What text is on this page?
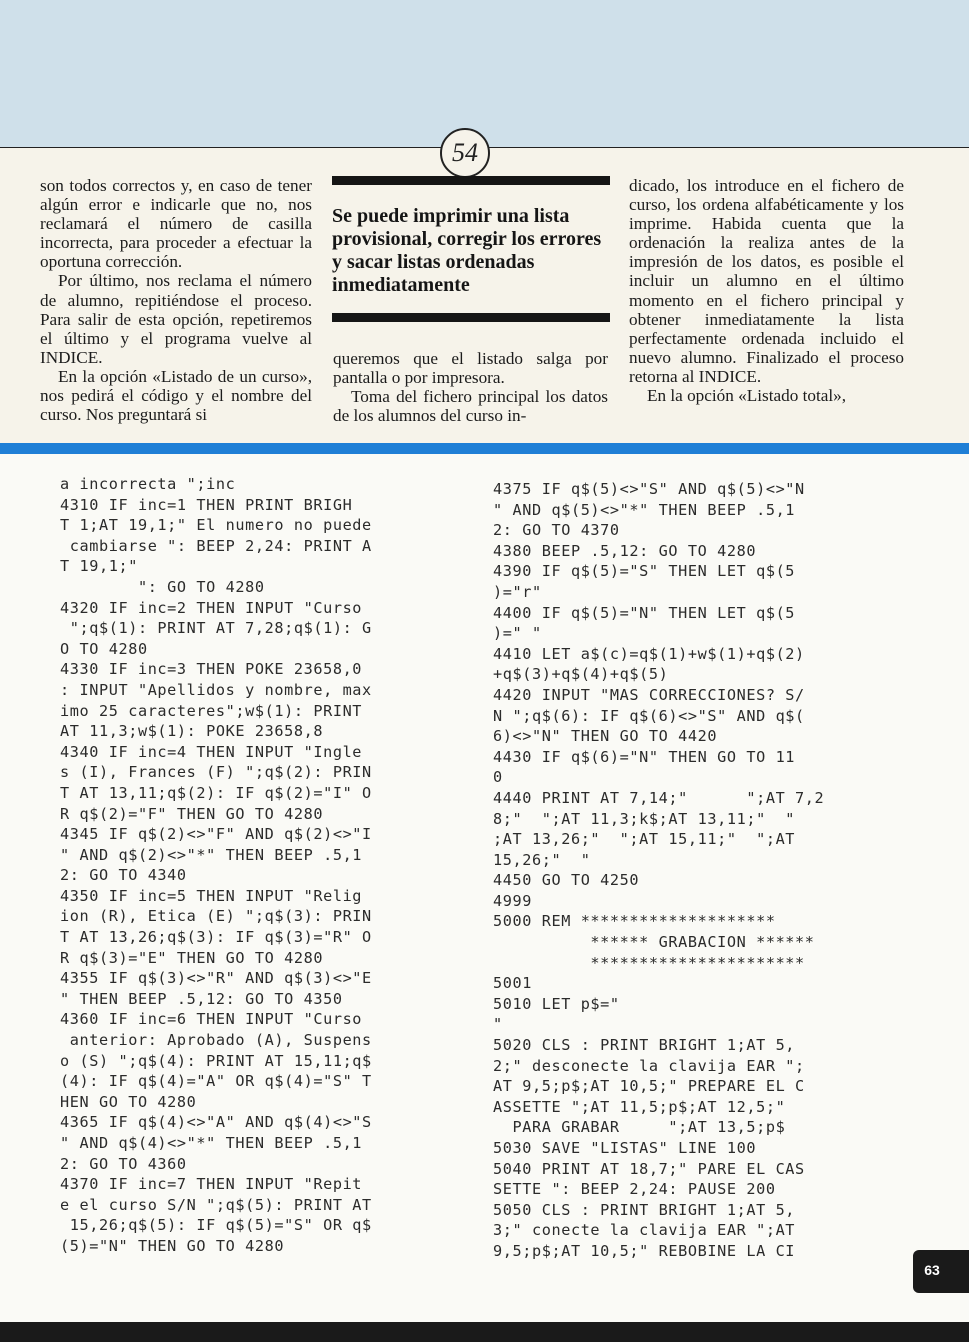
54

son todos correctos y, en caso de tener algún error e indicarle que no, nos reclamará el número de casilla incorrecta, para proceder a efectuar la oportuna corrección.

Por último, nos reclama el número de alumno, repitiéndose el proceso. Para salir de esta opción, repetiremos el último y el programa vuelve al INDICE.

En la opción «Listado de un curso», nos pedirá el código y el nombre del curso. Nos preguntará si

Se puede imprimir una lista provisional, corregir los errores y sacar listas ordenadas inmediatamente

queremos que el listado salga por pantalla o por impresora.

Toma del fichero principal los datos de los alumnos del curso in-

dicado, los introduce en el fichero de curso, los ordena alfabéticamente y los imprime. Habida cuenta que la ordenación la realiza antes de la impresión de los datos, es posible el incluir un alumno en el último momento en el fichero principal y obtener inmediatamente la lista perfectamente ordenada incluido el nuevo alumno. Finalizado el proceso retorna al INDICE.

En la opción «Listado total»,

a incorrecta ";inc
4310 IF inc=1 THEN PRINT BRIGH
T 1;AT 19,1;" El numero no puede
cambiarse ": BEEP 2,24: PRINT A
T 19,1;"
": GO TO 4280
4320 IF inc=2 THEN INPUT "Curso
";q$(1): PRINT AT 7,28;q$(1): G
O TO 4280
4330 IF inc=3 THEN POKE 23658,0
: INPUT "Apellidos y nombre, max
imo 25 caracteres";w$(1): PRINT
AT 11,3;w$(1): POKE 23658,8
4340 IF inc=4 THEN INPUT "Ingle
s (I), Frances (F) ";q$(2): PRIN
T AT 13,11;q$(2): IF q$(2)="I" O
R q$(2)="F" THEN GO TO 4280
4345 IF q$(2)<>"F" AND q$(2)<>"I
" AND q$(2)<>"*" THEN BEEP .5,1
2: GO TO 4340
4350 IF inc=5 THEN INPUT "Relig
ion (R), Etica (E) ";q$(3): PRIN
T AT 13,26;q$(3): IF q$(3)="R" O
R q$(3)="E" THEN GO TO 4280
4355 IF q$(3)<>"R" AND q$(3)<>"E
" THEN BEEP .5,12: GO TO 4350
4360 IF inc=6 THEN INPUT "Curso
anterior: Aprobado (A), Suspens
o (S) ";q$(4): PRINT AT 15,11;q$
(4): IF q$(4)="A" OR q$(4)="S" T
HEN GO TO 4280
4365 IF q$(4)<>"A" AND q$(4)<>"S
" AND q$(4)<>"*" THEN BEEP .5,1
2: GO TO 4360
4370 IF inc=7 THEN INPUT "Repit
e el curso S/N ";q$(5): PRINT AT
15,26;q$(5): IF q$(5)="S" OR q$
(5)="N" THEN GO TO 4280
4375 IF q$(5)<>"S" AND q$(5)<>"N
" AND q$(5)<>"*" THEN BEEP .5,1
2: GO TO 4370
4380 BEEP .5,12: GO TO 4280
4390 IF q$(5)="S" THEN LET q$(5
)="r"
4400 IF q$(5)="N" THEN LET q$(5
)=" "
4410 LET a$(c)=q$(1)+w$(1)+q$(2)
+q$(3)+q$(4)+q$(5)
4420 INPUT "MAS CORRECCIONES? S/
N ";q$(6): IF q$(6)<>"S" AND q$(
6)<>"N" THEN GO TO 4420
4430 IF q$(6)="N" THEN GO TO 11
0
4440 PRINT AT 7,14;"      ";AT 7,2
8;"  ";AT 11,3;k$;AT 13,11;"  "
;AT 13,26;"  ";AT 15,11;"  ";AT
15,26;"  "
4450 GO TO 4250
4999
5000 REM ********************
****** GRABACION ******
**********************
5001
5010 LET p$="
"
5020 CLS : PRINT BRIGHT 1;AT 5,
2;" desconecte la clavija EAR ";
AT 9,5;p$;AT 10,5;" PREPARE EL C
ASSETTE ";AT 11,5;p$;AT 12,5;"
PARA GRABAR     ";AT 13,5;p$
5030 SAVE "LISTAS" LINE 100
5040 PRINT AT 18,7;" PARE EL CAS
SETTE ": BEEP 2,24: PAUSE 200
5050 CLS : PRINT BRIGHT 1;AT 5,
3;" conecte la clavija EAR ";AT
9,5;p$;AT 10,5;" REBOBINE LA CI
63
